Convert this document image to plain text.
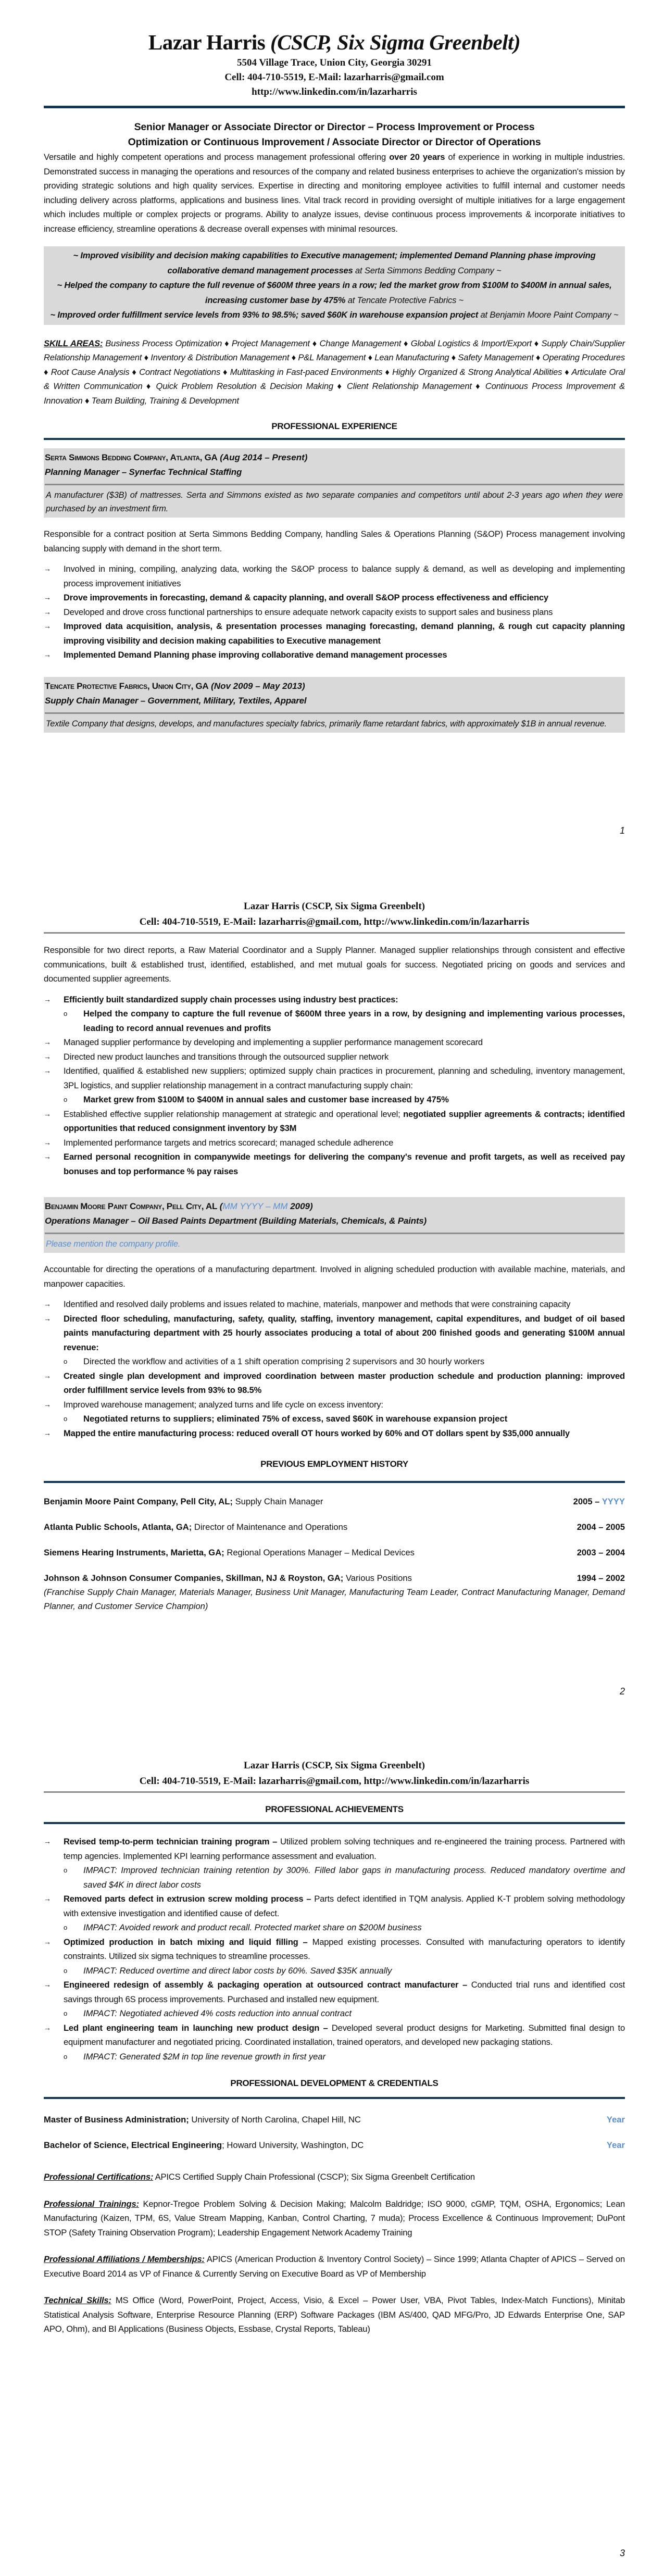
Lazar Harris (CSCP, Six Sigma Greenbelt)
5504 Village Trace, Union City, Georgia 30291
Cell: 404-710-5519, E-Mail: lazarharris@gmail.com
http://www.linkedin.com/in/lazarharris
Senior Manager or Associate Director or Director – Process Improvement or Process
Optimization or Continuous Improvement / Associate Director or Director of Operations
Versatile and highly competent operations and process management professional offering over 20 years of experience in working in multiple industries. Demonstrated success in managing the operations and resources of the company and related business enterprises to achieve the organization's mission by providing strategic solutions and high quality services. Expertise in directing and monitoring employee activities to fulfill internal and customer needs including delivery across platforms, applications and business lines. Vital track record in providing oversight of multiple initiatives for a large engagement which includes multiple or complex projects or programs. Ability to analyze issues, devise continuous process improvements & incorporate initiatives to increase efficiency, streamline operations & decrease overall expenses with minimal resources.
~ Improved visibility and decision making capabilities to Executive management; implemented Demand Planning phase improving collaborative demand management processes at Serta Simmons Bedding Company ~
~ Helped the company to capture the full revenue of $600M three years in a row; led the market grow from $100M to $400M in annual sales, increasing customer base by 475% at Tencate Protective Fabrics ~
~ Improved order fulfillment service levels from 93% to 98.5%; saved $60K in warehouse expansion project at Benjamin Moore Paint Company ~
SKILL AREAS: Business Process Optimization ♦ Project Management ♦ Change Management ♦ Global Logistics & Import/Export ♦ Supply Chain/Supplier Relationship Management ♦ Inventory & Distribution Management ♦ P&L Management ♦ Lean Manufacturing ♦ Safety Management ♦ Operating Procedures ♦ Root Cause Analysis ♦ Contract Negotiations ♦ Multitasking in Fast-paced Environments ♦ Highly Organized & Strong Analytical Abilities ♦ Articulate Oral & Written Communication ♦ Quick Problem Resolution & Decision Making ♦ Client Relationship Management ♦ Continuous Process Improvement & Innovation ♦ Team Building, Training & Development
PROFESSIONAL EXPERIENCE
Serta Simmons Bedding Company, Atlanta, GA (Aug 2014 – Present)
Planning Manager – Synerfac Technical Staffing
A manufacturer ($3B) of mattresses. Serta and Simmons existed as two separate companies and competitors until about 2-3 years ago when they were purchased by an investment firm.
Responsible for a contract position at Serta Simmons Bedding Company, handling Sales & Operations Planning (S&OP) Process management involving balancing supply with demand in the short term.
→	Involved in mining, compiling, analyzing data, working the S&OP process to balance supply & demand, as well as developing and implementing process improvement initiatives
→	Drove improvements in forecasting, demand & capacity planning, and overall S&OP process effectiveness and efficiency
→	Developed and drove cross functional partnerships to ensure adequate network capacity exists to support sales and business plans
→	Improved data acquisition, analysis, & presentation processes managing forecasting, demand planning, & rough cut capacity planning improving visibility and decision making capabilities to Executive management
→	Implemented Demand Planning phase improving collaborative demand management processes
Tencate Protective Fabrics, Union City, GA (Nov 2009 – May 2013)
Supply Chain Manager – Government, Military, Textiles, Apparel
Textile Company that designs, develops, and manufactures specialty fabrics, primarily flame retardant fabrics, with approximately $1B in annual revenue.
1
Lazar Harris (CSCP, Six Sigma Greenbelt)
Cell: 404-710-5519, E-Mail: lazarharris@gmail.com, http://www.linkedin.com/in/lazarharris
Responsible for two direct reports, a Raw Material Coordinator and a Supply Planner. Managed supplier relationships through consistent and effective communications, built & established trust, identified, established, and met mutual goals for success. Negotiated pricing on goods and services and documented supplier agreements.
→	Efficiently built standardized supply chain processes using industry best practices:
o Helped the company to capture the full revenue of $600M three years in a row, by designing and implementing various processes, leading to record annual revenues and profits
→	Managed supplier performance by developing and implementing a supplier performance management scorecard
→	Directed new product launches and transitions through the outsourced supplier network
→	Identified, qualified & established new suppliers; optimized supply chain practices in procurement, planning and scheduling, inventory management, 3PL logistics, and supplier relationship management in a contract manufacturing supply chain:
o Market grew from $100M to $400M in annual sales and customer base increased by 475%
→	Established effective supplier relationship management at strategic and operational level; negotiated supplier agreements & contracts; identified opportunities that reduced consignment inventory by $3M
→	Implemented performance targets and metrics scorecard; managed schedule adherence
→	Earned personal recognition in companywide meetings for delivering the company's revenue and profit targets, as well as received pay bonuses and top performance % pay raises
Benjamin Moore Paint Company, Pell City, AL (MM YYYY – MM 2009)
Operations Manager – Oil Based Paints Department (Building Materials, Chemicals, & Paints)
Please mention the company profile.
Accountable for directing the operations of a manufacturing department. Involved in aligning scheduled production with available machine, materials, and manpower capacities.
→	Identified and resolved daily problems and issues related to machine, materials, manpower and methods that were constraining capacity
→	Directed floor scheduling, manufacturing, safety, quality, staffing, inventory management, capital expenditures, and budget of oil based paints manufacturing department with 25 hourly associates producing a total of about 200 finished goods and generating $100M annual revenue:
o Directed the workflow and activities of a 1 shift operation comprising 2 supervisors and 30 hourly workers
→	Created single plan development and improved coordination between master production schedule and production planning: improved order fulfillment service levels from 93% to 98.5%
→	Improved warehouse management; analyzed turns and life cycle on excess inventory:
o Negotiated returns to suppliers; eliminated 75% of excess, saved $60K in warehouse expansion project
→	Mapped the entire manufacturing process: reduced overall OT hours worked by 60% and OT dollars spent by $35,000 annually
PREVIOUS EMPLOYMENT HISTORY
Benjamin Moore Paint Company, Pell City, AL; Supply Chain Manager	2005 – YYYY
Atlanta Public Schools, Atlanta, GA; Director of Maintenance and Operations	2004 – 2005
Siemens Hearing Instruments, Marietta, GA; Regional Operations Manager – Medical Devices	2003 – 2004
Johnson & Johnson Consumer Companies, Skillman, NJ & Royston, GA; Various Positions	1994 – 2002
(Franchise Supply Chain Manager, Materials Manager, Business Unit Manager, Manufacturing Team Leader, Contract Manufacturing Manager, Demand Planner, and Customer Service Champion)
2
Lazar Harris (CSCP, Six Sigma Greenbelt)
Cell: 404-710-5519, E-Mail: lazarharris@gmail.com, http://www.linkedin.com/in/lazarharris
PROFESSIONAL ACHIEVEMENTS
→	Revised temp-to-perm technician training program – Utilized problem solving techniques and re-engineered the training process. Partnered with temp agencies. Implemented KPI learning performance assessment and evaluation.
o IMPACT: Improved technician training retention by 300%. Filled labor gaps in manufacturing process. Reduced mandatory overtime and saved $4K in direct labor costs
→	Removed parts defect in extrusion screw molding process – Parts defect identified in TQM analysis. Applied K-T problem solving methodology with extensive investigation and identified cause of defect.
o IMPACT: Avoided rework and product recall. Protected market share on $200M business
→	Optimized production in batch mixing and liquid filling – Mapped existing processes. Consulted with manufacturing operators to identify constraints. Utilized six sigma techniques to streamline processes.
o IMPACT: Reduced overtime and direct labor costs by 60%. Saved $35K annually
→	Engineered redesign of assembly & packaging operation at outsourced contract manufacturer – Conducted trial runs and identified cost savings through 6S process improvements. Purchased and installed new equipment.
o IMPACT: Negotiated achieved 4% costs reduction into annual contract
→	Led plant engineering team in launching new product design – Developed several product designs for Marketing. Submitted final design to equipment manufacturer and negotiated pricing. Coordinated installation, trained operators, and developed new packaging stations.
o IMPACT: Generated $2M in top line revenue growth in first year
PROFESSIONAL DEVELOPMENT & CREDENTIALS
Master of Business Administration; University of North Carolina, Chapel Hill, NC	Year
Bachelor of Science, Electrical Engineering; Howard University, Washington, DC	Year
Professional Certifications: APICS Certified Supply Chain Professional (CSCP); Six Sigma Greenbelt Certification
Professional Trainings: Kepnor-Tregoe Problem Solving & Decision Making; Malcolm Baldridge; ISO 9000, cGMP, TQM, OSHA, Ergonomics; Lean Manufacturing (Kaizen, TPM, 6S, Value Stream Mapping, Kanban, Control Charting, 7 muda); Process Excellence & Continuous Improvement; DuPont STOP (Safety Training Observation Program); Leadership Engagement Network Academy Training
Professional Affiliations / Memberships: APICS (American Production & Inventory Control Society) – Since 1999; Atlanta Chapter of APICS – Served on Executive Board 2014 as VP of Finance & Currently Serving on Executive Board as VP of Membership
Technical Skills: MS Office (Word, PowerPoint, Project, Access, Visio, & Excel – Power User, VBA, Pivot Tables, Index-Match Functions), Minitab Statistical Analysis Software, Enterprise Resource Planning (ERP) Software Packages (IBM AS/400, QAD MFG/Pro, JD Edwards Enterprise One, SAP APO, Ohm), and BI Applications (Business Objects, Essbase, Crystal Reports, Tableau)
3
